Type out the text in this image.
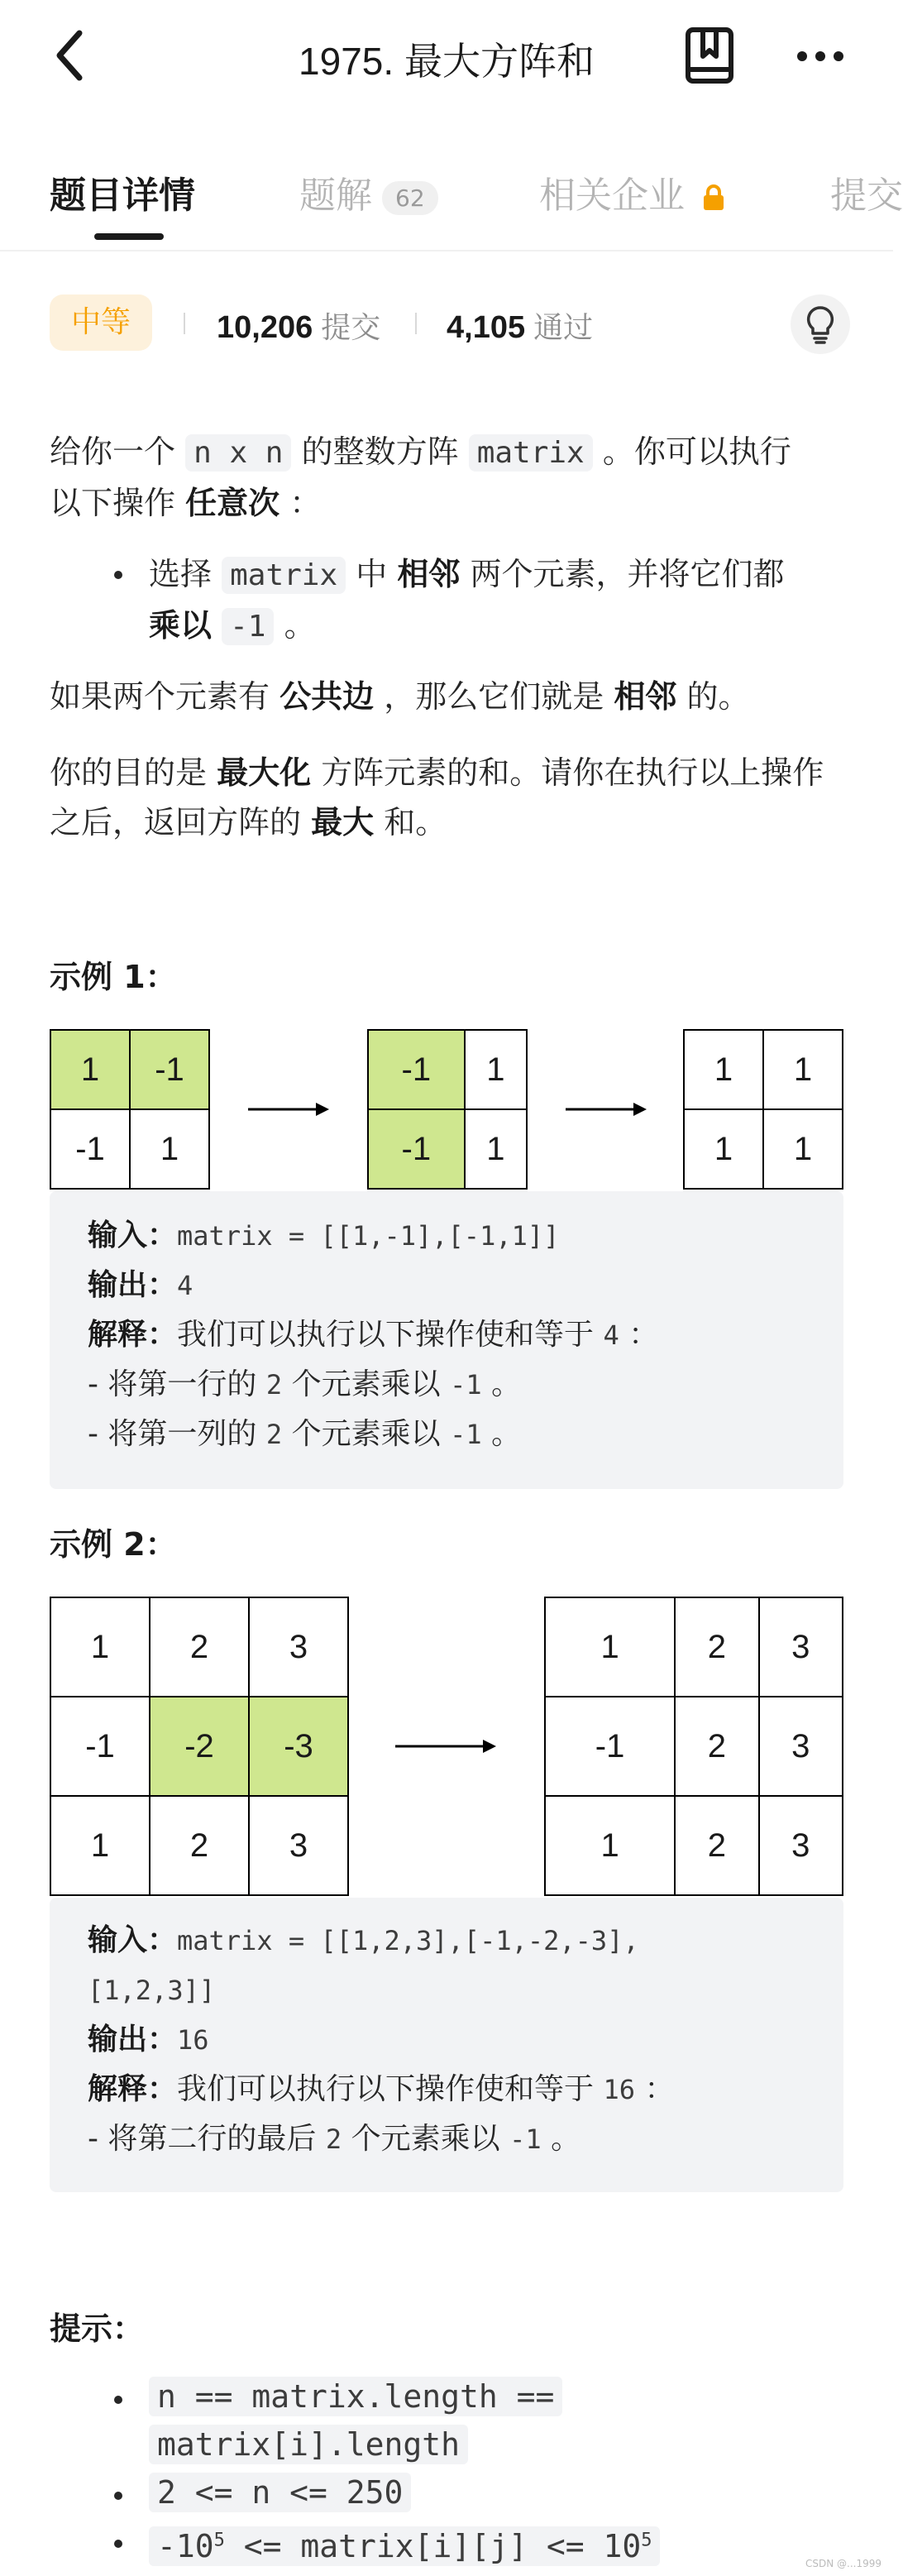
1975. 最大方阵和
题目详情	题解 62	相关企业	提交
中等	10,206 提交 4,105 通过
给你一个 n x n 的整数方阵 matrix 。你可以执行
以下操作 任意次 ：
选择 matrix 中 相邻 两个元素，并将它们都
乘以 -1 。
如果两个元素有 公共边 ，那么它们就是 相邻 的。
你的目的是 最大化 方阵元素的和。请你在执行以上操作
之后，返回方阵的 最大 和。
示例 1：
1	-1
-1	1
-1	1
-1	1
1	1
1	1
输入：matrix = [[1,-1],[-1,1]]
输出：4
解释：我们可以执行以下操作使和等于 4 ：
- 将第一行的 2 个元素乘以 -1 。
- 将第一列的 2 个元素乘以 -1 。
示例 2：
1	2	3
-1	-2	-3
1	2	3
1	2	3
-1	2	3
1	2	3
输入：matrix = [[1,2,3],[-1,-2,-3],
[1,2,3]]
输出：16
解释：我们可以执行以下操作使和等于 16 ：
- 将第二行的最后 2 个元素乘以 -1 。
提示：
n == matrix.length ==
matrix[i].length
2 <= n <= 250
$-10^5$ <= matrix[i][j] <= $10^5$
CSDN @...1999
